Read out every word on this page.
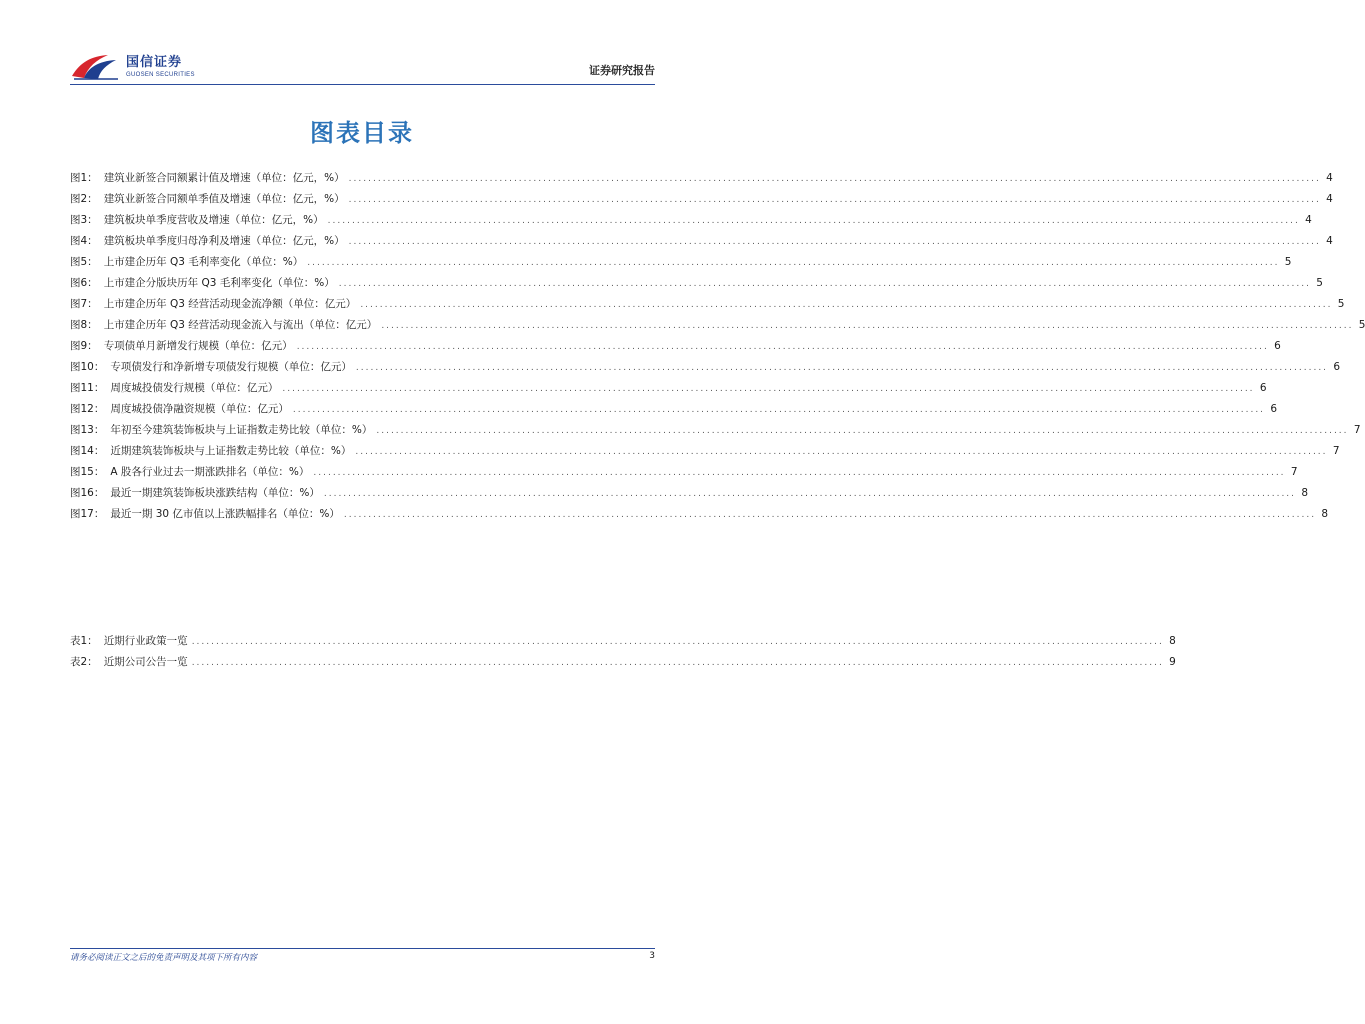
国信证券
GUOSEN SECURITIES	证券研究报告
图表目录
图1： 建筑业新签合同额累计值及增速（单位：亿元，%） ........................................................................................................................................................................................................ 4
图2： 建筑业新签合同额单季值及增速（单位：亿元，%） ........................................................................................................................................................................................................ 4
图3： 建筑板块单季度营收及增速（单位：亿元，%） ........................................................................................................................................................................................................ 4
图4： 建筑板块单季度归母净利及增速（单位：亿元，%） ........................................................................................................................................................................................................ 4
图5： 上市建企历年 Q3 毛利率变化（单位：%） ........................................................................................................................................................................................................ 5
图6： 上市建企分版块历年 Q3 毛利率变化（单位：%） ........................................................................................................................................................................................................ 5
图7： 上市建企历年 Q3 经营活动现金流净额（单位：亿元） ........................................................................................................................................................................................................ 5
图8： 上市建企历年 Q3 经营活动现金流入与流出（单位：亿元） ........................................................................................................................................................................................................ 5
图9： 专项债单月新增发行规模（单位：亿元） ........................................................................................................................................................................................................ 6
图10： 专项债发行和净新增专项债发行规模（单位：亿元） ........................................................................................................................................................................................................ 6
图11： 周度城投债发行规模（单位：亿元） ........................................................................................................................................................................................................ 6
图12： 周度城投债净融资规模（单位：亿元） ........................................................................................................................................................................................................ 6
图13： 年初至今建筑装饰板块与上证指数走势比较（单位：%） ........................................................................................................................................................................................................ 7
图14： 近期建筑装饰板块与上证指数走势比较（单位：%） ........................................................................................................................................................................................................ 7
图15： A 股各行业过去一期涨跌排名（单位：%） ........................................................................................................................................................................................................ 7
图16： 最近一期建筑装饰板块涨跌结构（单位：%） ........................................................................................................................................................................................................ 8
图17： 最近一期 30 亿市值以上涨跌幅排名（单位：%） ........................................................................................................................................................................................................ 8
表1： 近期行业政策一览 ........................................................................................................................................................................................................ 8
表2： 近期公司公告一览 ........................................................................................................................................................................................................ 9
请务必阅读正文之后的免责声明及其项下所有内容	3
